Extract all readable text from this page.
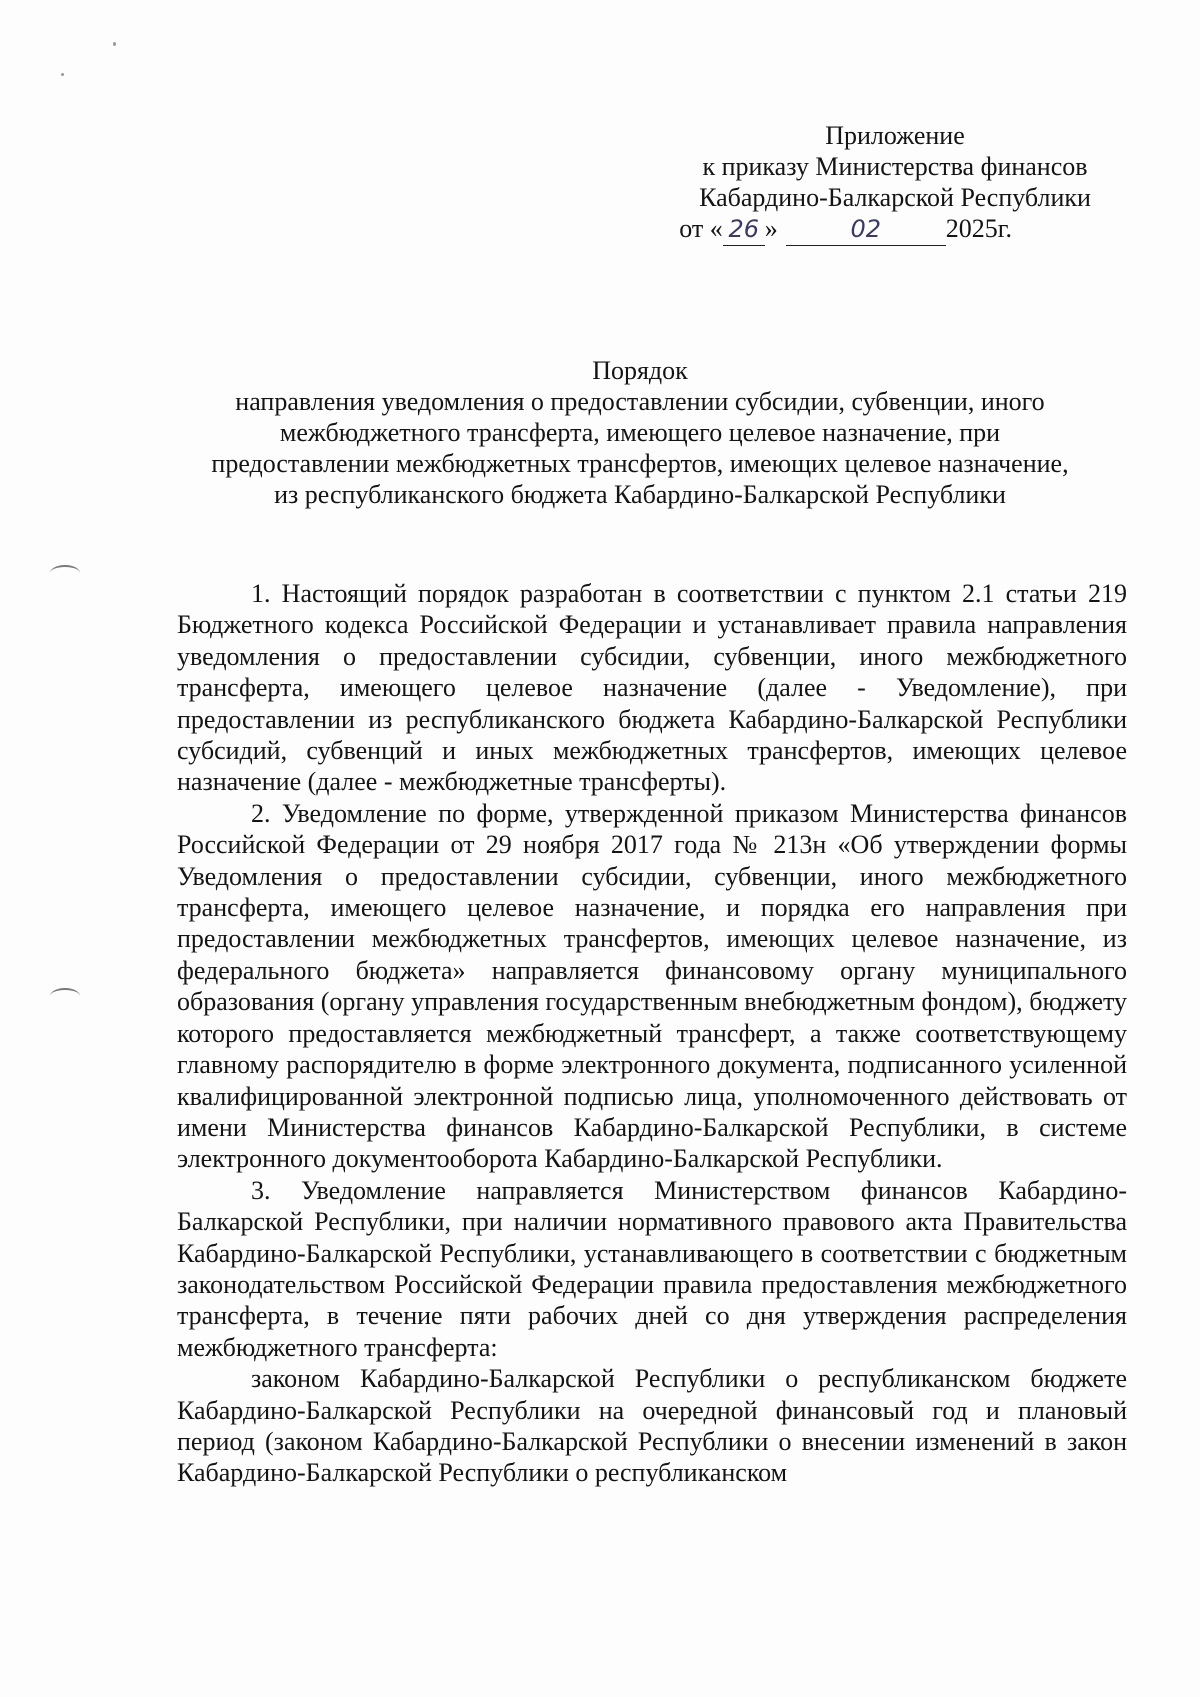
Приложение
к приказу Министерства финансов
Кабардино-Балкарской Республики
от « 26 »	02 2025г.
Порядок
направления уведомления о предоставлении субсидии, субвенции, иного
межбюджетного трансферта, имеющего целевое назначение, при
предоставлении межбюджетных трансфертов, имеющих целевое назначение,
из республиканского бюджета Кабардино-Балкарской Республики

1. Настоящий порядок разработан в соответствии с пунктом 2.1 статьи 219 Бюджетного кодекса Российской Федерации и устанавливает правила направления уведомления о предоставлении субсидии, субвенции, иного межбюджетного трансферта, имеющего целевое назначение (далее - Уведомление), при предоставлении из республиканского бюджета Кабардино-Балкарской Республики субсидий, субвенций и иных межбюджетных трансфертов, имеющих целевое назначение (далее - межбюджетные трансферты).

2. Уведомление по форме, утвержденной приказом Министерства финансов Российской Федерации от 29 ноября 2017 года № 213н «Об утверждении формы Уведомления о предоставлении субсидии, субвенции, иного межбюджетного трансферта, имеющего целевое назначение, и порядка его направления при предоставлении межбюджетных трансфертов, имеющих целевое назначение, из федерального бюджета» направляется финансовому органу муниципального образования (органу управления государственным внебюджетным фондом), бюджету которого предоставляется межбюджетный трансферт, а также соответствующему главному распорядителю в форме электронного документа, подписанного усиленной квалифицированной электронной подписью лица, уполномоченного действовать от имени Министерства финансов Кабардино-Балкарской Республики, в системе электронного документооборота Кабардино-Балкарской Республики.

3. Уведомление направляется Министерством финансов Кабардино-Балкарской Республики, при наличии нормативного правового акта Правительства Кабардино-Балкарской Республики, устанавливающего в соответствии с бюджетным законодательством Российской Федерации правила предоставления межбюджетного трансферта, в течение пяти рабочих дней со дня утверждения распределения межбюджетного трансферта:

законом Кабардино-Балкарской Республики о республиканском бюджете Кабардино-Балкарской Республики на очередной финансовый год и плановый период (законом Кабардино-Балкарской Республики о внесении изменений в закон Кабардино-Балкарской Республики о республиканском
